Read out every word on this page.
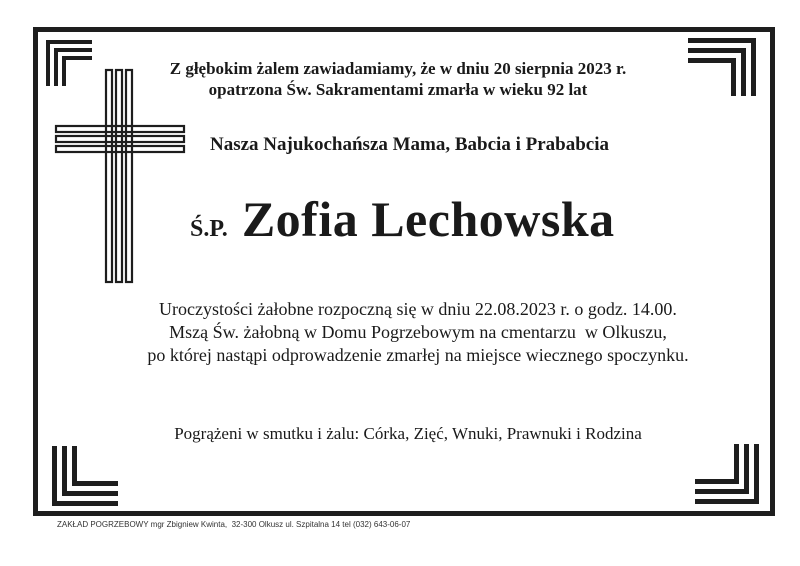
Z głębokim żalem zawiadamiamy, że w dniu 20 sierpnia 2023 r.
opatrzona Św. Sakramentami zmarła w wieku 92 lat
Nasza Najukochańsza Mama, Babcia i Prababcia
Ś.P. Zofia Lechowska
Uroczystości żałobne rozpoczną się w dniu 22.08.2023 r. o godz. 14.00.
Mszą Św. żałobną w Domu Pogrzebowym na cmentarzu  w Olkuszu,
po której nastąpi odprowadzenie zmarłej na miejsce wiecznego spoczynku.
Pogrążeni w smutku i żalu: Córka, Zięć, Wnuki, Prawnuki i Rodzina
ZAKŁAD POGRZEBOWY mgr Zbigniew Kwinta,  32-300 Olkusz ul. Szpitalna 14 tel (032) 643-06-07
